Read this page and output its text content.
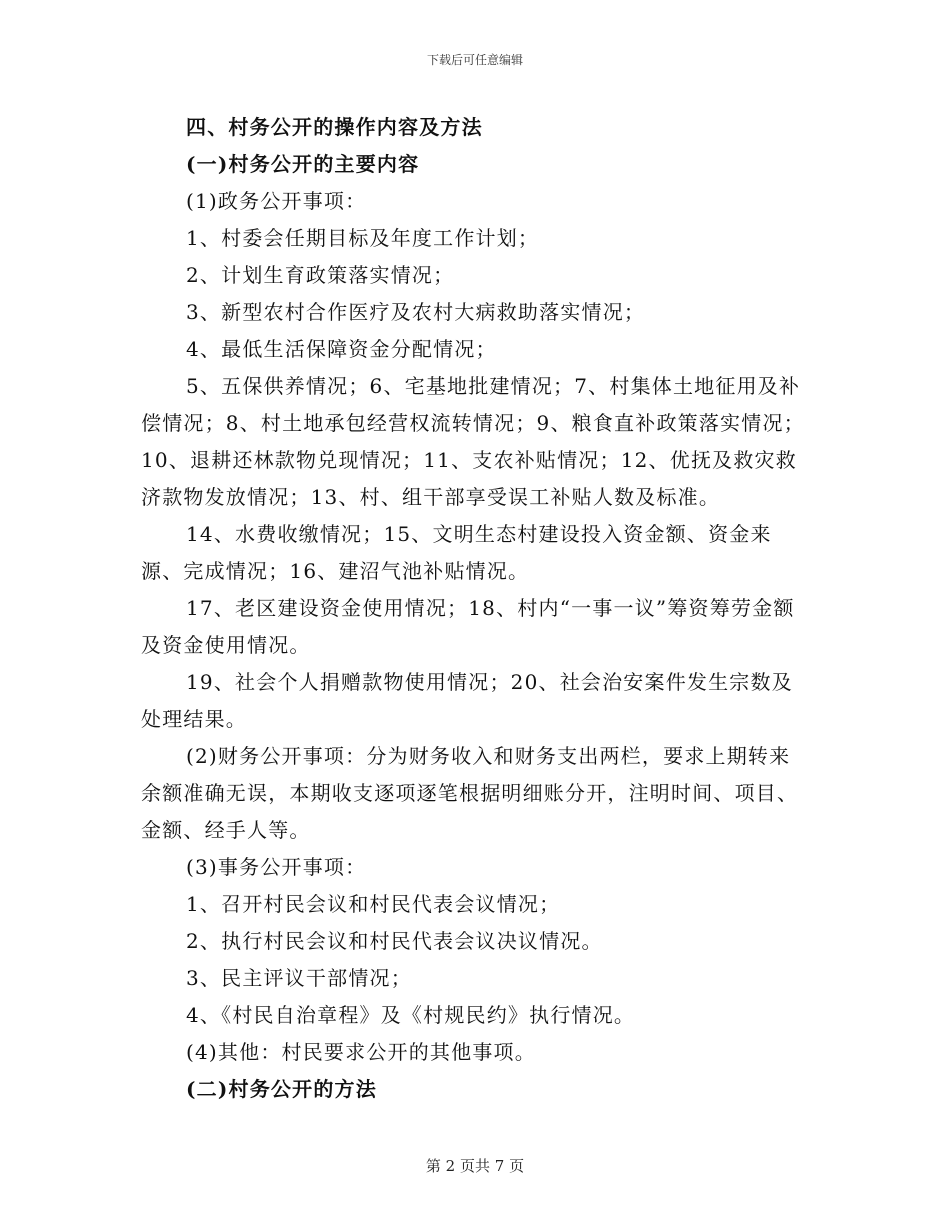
下载后可任意编辑

四、村务公开的操作内容及方法

(一)村务公开的主要内容

(1)政务公开事项：

1、村委会任期目标及年度工作计划；

2、计划生育政策落实情况；

3、新型农村合作医疗及农村大病救助落实情况；

4、最低生活保障资金分配情况；

5、五保供养情况；6、宅基地批建情况；7、村集体土地征用及补偿情况；8、村土地承包经营权流转情况；9、粮食直补政策落实情况；10、退耕还林款物兑现情况；11、支农补贴情况；12、优抚及救灾救济款物发放情况；13、村、组干部享受误工补贴人数及标准。

14、水费收缴情况；15、文明生态村建设投入资金额、资金来源、完成情况；16、建沼气池补贴情况。

17、老区建设资金使用情况；18、村内“一事一议”筹资筹劳金额及资金使用情况。

19、社会个人捐赠款物使用情况；20、社会治安案件发生宗数及处理结果。

(2)财务公开事项：分为财务收入和财务支出两栏，要求上期转来余额准确无误，本期收支逐项逐笔根据明细账分开，注明时间、项目、金额、经手人等。

(3)事务公开事项：

1、召开村民会议和村民代表会议情况；

2、执行村民会议和村民代表会议决议情况。

3、民主评议干部情况；

4、《村民自治章程》及《村规民约》执行情况。

(4)其他：村民要求公开的其他事项。

(二)村务公开的方法

第 2 页共 7 页
